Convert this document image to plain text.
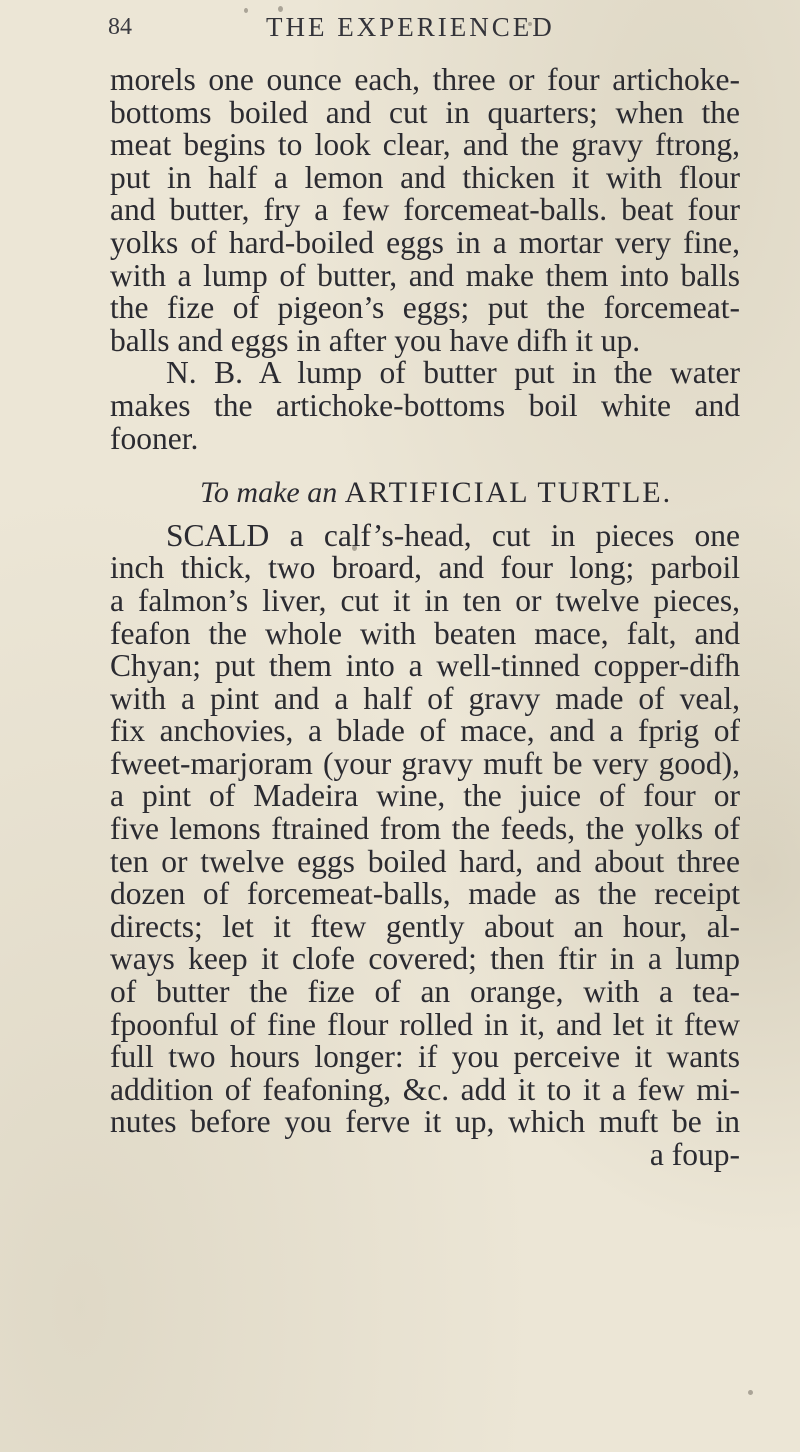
84	THE EXPERIENCED
morels one ounce each, three or four artichoke-
bottoms boiled and cut in quarters; when the
meat begins to look clear, and the gravy ftrong,
put in half a lemon and thicken it with flour
and butter, fry a few forcemeat-balls. beat four
yolks of hard-boiled eggs in a mortar very fine,
with a lump of butter, and make them into balls
the fize of pigeon’s eggs; put the forcemeat-
balls and eggs in after you have difh it up.
N. B. A lump of butter put in the water
makes the artichoke-bottoms boil white and
fooner.
To make an ARTIFICIAL TURTLE.
SCALD a calf’s-head, cut in pieces one
inch thick, two broard, and four long; parboil
a falmon’s liver, cut it in ten or twelve pieces,
feafon the whole with beaten mace, falt, and
Chyan; put them into a well-tinned copper-difh
with a pint and a half of gravy made of veal,
fix anchovies, a blade of mace, and a fprig of
fweet-marjoram (your gravy muft be very good),
a pint of Madeira wine, the juice of four or
five lemons ftrained from the feeds, the yolks of
ten or twelve eggs boiled hard, and about three
dozen of forcemeat-balls, made as the receipt
directs; let it ftew gently about an hour, al-
ways keep it clofe covered; then ftir in a lump
of butter the fize of an orange, with a tea-
fpoonful of fine flour rolled in it, and let it ftew
full two hours longer: if you perceive it wants
addition of feafoning, &c. add it to it a few mi-
nutes before you ferve it up, which muft be in
a foup-
